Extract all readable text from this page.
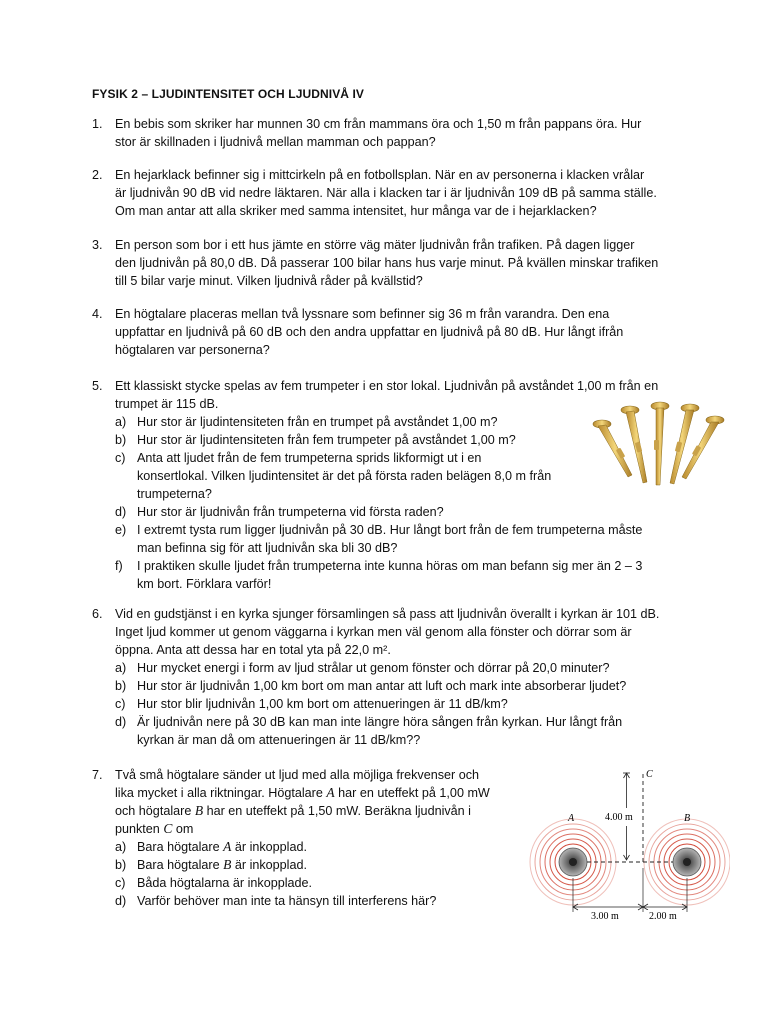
FYSIK 2 – LJUDINTENSITET OCH LJUDNIVÅ IV
1. En bebis som skriker har munnen 30 cm från mammans öra och 1,50 m från pappans öra. Hur
stor är skillnaden i ljudnivå mellan mamman och pappan?
2. En hejarklack befinner sig i mittcirkeln på en fotbollsplan. När en av personerna i klacken vrålar
är ljudnivån 90 dB vid nedre läktaren. När alla i klacken tar i är ljudnivån 109 dB på samma ställe.
Om man antar att alla skriker med samma intensitet, hur många var de i hejarklacken?
3. En person som bor i ett hus jämte en större väg mäter ljudnivån från trafiken. På dagen ligger
den ljudnivån på 80,0 dB. Då passerar 100 bilar hans hus varje minut. På kvällen minskar trafiken
till 5 bilar varje minut. Vilken ljudnivå råder på kvällstid?
4. En högtalare placeras mellan två lyssnare som befinner sig 36 m från varandra. Den ena
uppfattar en ljudnivå på 60 dB och den andra uppfattar en ljudnivå på 80 dB. Hur långt ifrån
högtalaren var personerna?
5. Ett klassiskt stycke spelas av fem trumpeter i en stor lokal. Ljudnivån på avståndet 1,00 m från en
trumpet är 115 dB.
a) Hur stor är ljudintensiteten från en trumpet på avståndet 1,00 m?
b) Hur stor är ljudintensiteten från fem trumpeter på avståndet 1,00 m?
c) Anta att ljudet från de fem trumpeterna sprids likformigt ut i en
konsertlokal. Vilken ljudintensitet är det på första raden belägen 8,0 m från
trumpeterna?
d) Hur stor är ljudnivån från trumpeterna vid första raden?
e) I extremt tysta rum ligger ljudnivån på 30 dB. Hur långt bort från de fem trumpeterna måste
man befinna sig för att ljudnivån ska bli 30 dB?
f) I praktiken skulle ljudet från trumpeterna inte kunna höras om man befann sig mer än 2 – 3
km bort. Förklara varför!
6. Vid en gudstjänst i en kyrka sjunger församlingen så pass att ljudnivån överallt i kyrkan är 101 dB.
Inget ljud kommer ut genom väggarna i kyrkan men väl genom alla fönster och dörrar som är
öppna. Anta att dessa har en total yta på 22,0 m².
a) Hur mycket energi i form av ljud strålar ut genom fönster och dörrar på 20,0 minuter?
b) Hur stor är ljudnivån 1,00 km bort om man antar att luft och mark inte absorberar ljudet?
c) Hur stor blir ljudnivån 1,00 km bort om attenueringen är 11 dB/km?
d) Är ljudnivån nere på 30 dB kan man inte längre höra sången från kyrkan. Hur långt från
kyrkan är man då om attenueringen är 11 dB/km??
7. Två små högtalare sänder ut ljud med alla möjliga frekvenser och
lika mycket i alla riktningar. Högtalare A har en uteffekt på 1,00 mW
och högtalare B har en uteffekt på 1,50 mW. Beräkna ljudnivån i
punkten C om
a) Bara högtalare A är inkopplad.
b) Bara högtalare B är inkopplad.
c) Båda högtalarna är inkopplade.
d) Varför behöver man inte ta hänsyn till interferens här?
A	B
C
4.00 m
3.00 m	2.00 m
